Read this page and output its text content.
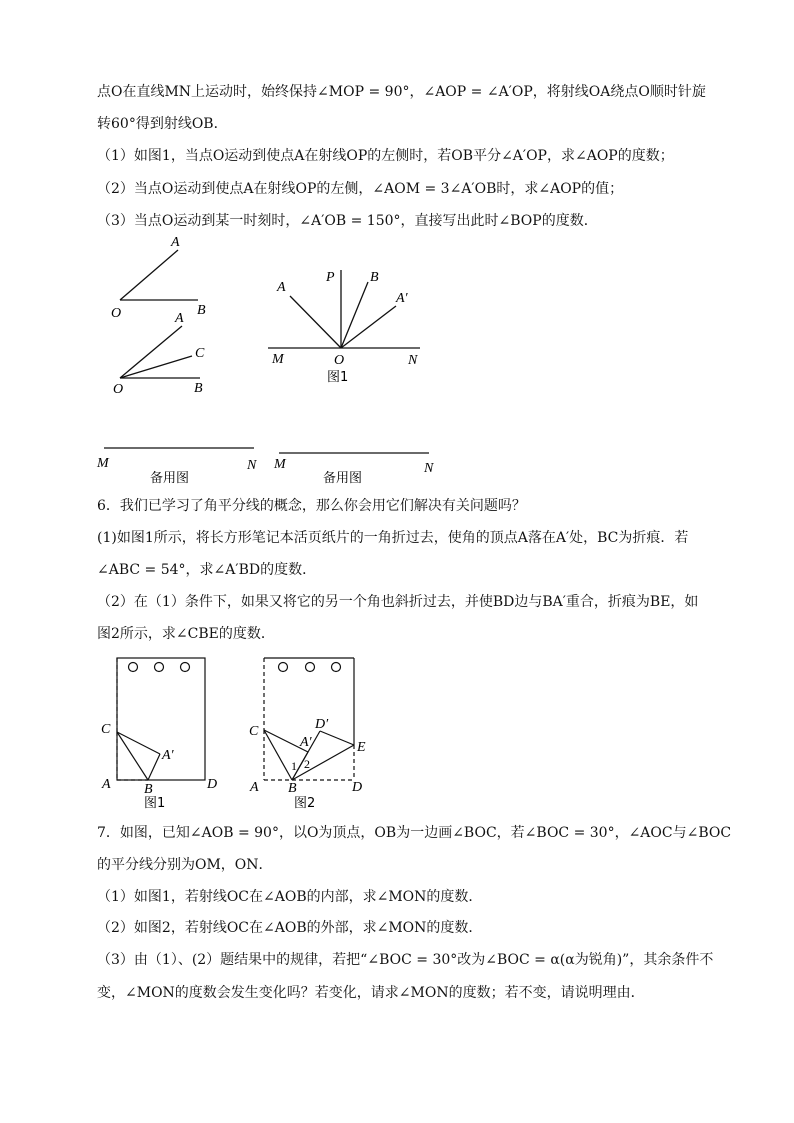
点O在直线MN上运动时，始终保持∠MOP = 90°，∠AOP = ∠A′OP，将射线OA绕点O顺时针旋
转60°得到射线OB．
（1）如图1，当点O运动到使点A在射线OP的左侧时，若OB平分∠A′OP，求∠AOP的度数；
（2）当点O运动到使点A在射线OP的左侧，∠AOM = 3∠A′OB时，求∠AOP的值；
（3）当点O运动到某一时刻时，∠A′OB = 150°，直接写出此时∠BOP的度数．
A
O	B
A
C
O	B
A
P	B
A′
M	O	N
图1
M	N
备用图
M	N
备用图
C
A′
A B	D
图1
C	D′
A′	E
1 2
A B	D
图2
6．我们已学习了角平分线的概念，那么你会用它们解决有关问题吗？
(1)如图1所示，将长方形笔记本活页纸片的一角折过去，使角的顶点A落在A′处，BC为折痕．若
∠ABC = 54°，求∠A′BD的度数．
（2）在（1）条件下，如果又将它的另一个角也斜折过去，并使BD边与BA′重合，折痕为BE，如
图2所示，求∠CBE的度数．
7．如图，已知∠AOB = 90°，以O为顶点，OB为一边画∠BOC，若∠BOC = 30°，∠AOC与∠BOC
的平分线分别为OM，ON．
（1）如图1，若射线OC在∠AOB的内部，求∠MON的度数．
（2）如图2，若射线OC在∠AOB的外部，求∠MON的度数．
（3）由（1）、(2）题结果中的规律，若把“∠BOC = 30°改为∠BOC = α(α为锐角)”，其余条件不
变，∠MON的度数会发生变化吗？若变化，请求∠MON的度数；若不变，请说明理由．
